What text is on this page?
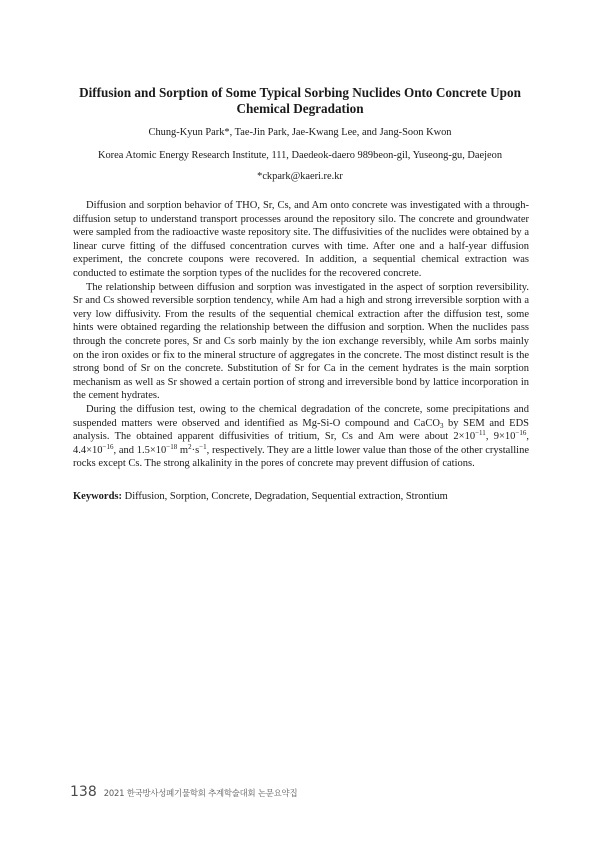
Diffusion and Sorption of Some Typical Sorbing Nuclides Onto Concrete Upon
Chemical Degradation

Chung-Kyun Park*, Tae-Jin Park, Jae-Kwang Lee, and Jang-Soon Kwon

Korea Atomic Energy Research Institute, 111, Daedeok-daero 989beon-gil, Yuseong-gu, Daejeon

*ckpark@kaeri.re.kr

Diffusion and sorption behavior of THO, Sr, Cs, and Am onto concrete was investigated with a through-diffusion setup to understand transport processes around the repository silo. The concrete and groundwater were sampled from the radioactive waste repository site. The diffusivities of the nuclides were obtained by a linear curve fitting of the diffused concentration curves with time. After one and a half-year diffusion experiment, the concrete coupons were recovered. In addition, a sequential chemical extraction was conducted to estimate the sorption types of the nuclides for the recovered concrete.

The relationship between diffusion and sorption was investigated in the aspect of sorption reversibility. Sr and Cs showed reversible sorption tendency, while Am had a high and strong irreversible sorption with a very low diffusivity. From the results of the sequential chemical extraction after the diffusion test, some hints were obtained regarding the relationship between the diffusion and sorption. When the nuclides pass through the concrete pores, Sr and Cs sorb mainly by the ion exchange reversibly, while Am sorbs mainly on the iron oxides or fix to the mineral structure of aggregates in the concrete. The most distinct result is the strong bond of Sr on the concrete. Substitution of Sr for Ca in the cement hydrates is the main sorption mechanism as well as Sr showed a certain portion of strong and irreversible bond by lattice incorporation in the cement hydrates.

During the diffusion test, owing to the chemical degradation of the concrete, some precipitations and suspended matters were observed and identified as Mg-Si-O compound and CaCO$_3$ by SEM and EDS analysis. The obtained apparent diffusivities of tritium, Sr, Cs and Am were about $2\times 10^{-11}$, $9\times 10^{-16}$, $4.4\times 10^{-16}$, and $1.5\times 10^{-18}$ $m^2\cdot s^{-1}$, respectively. They are a little lower value than those of the other crystalline rocks except Cs. The strong alkalinity in the pores of concrete may prevent diffusion of cations.

Keywords: Diffusion, Sorption, Concrete, Degradation, Sequential extraction, Strontium

138 2021 한국방사성폐기물학회 추계학술대회 논문요약집
